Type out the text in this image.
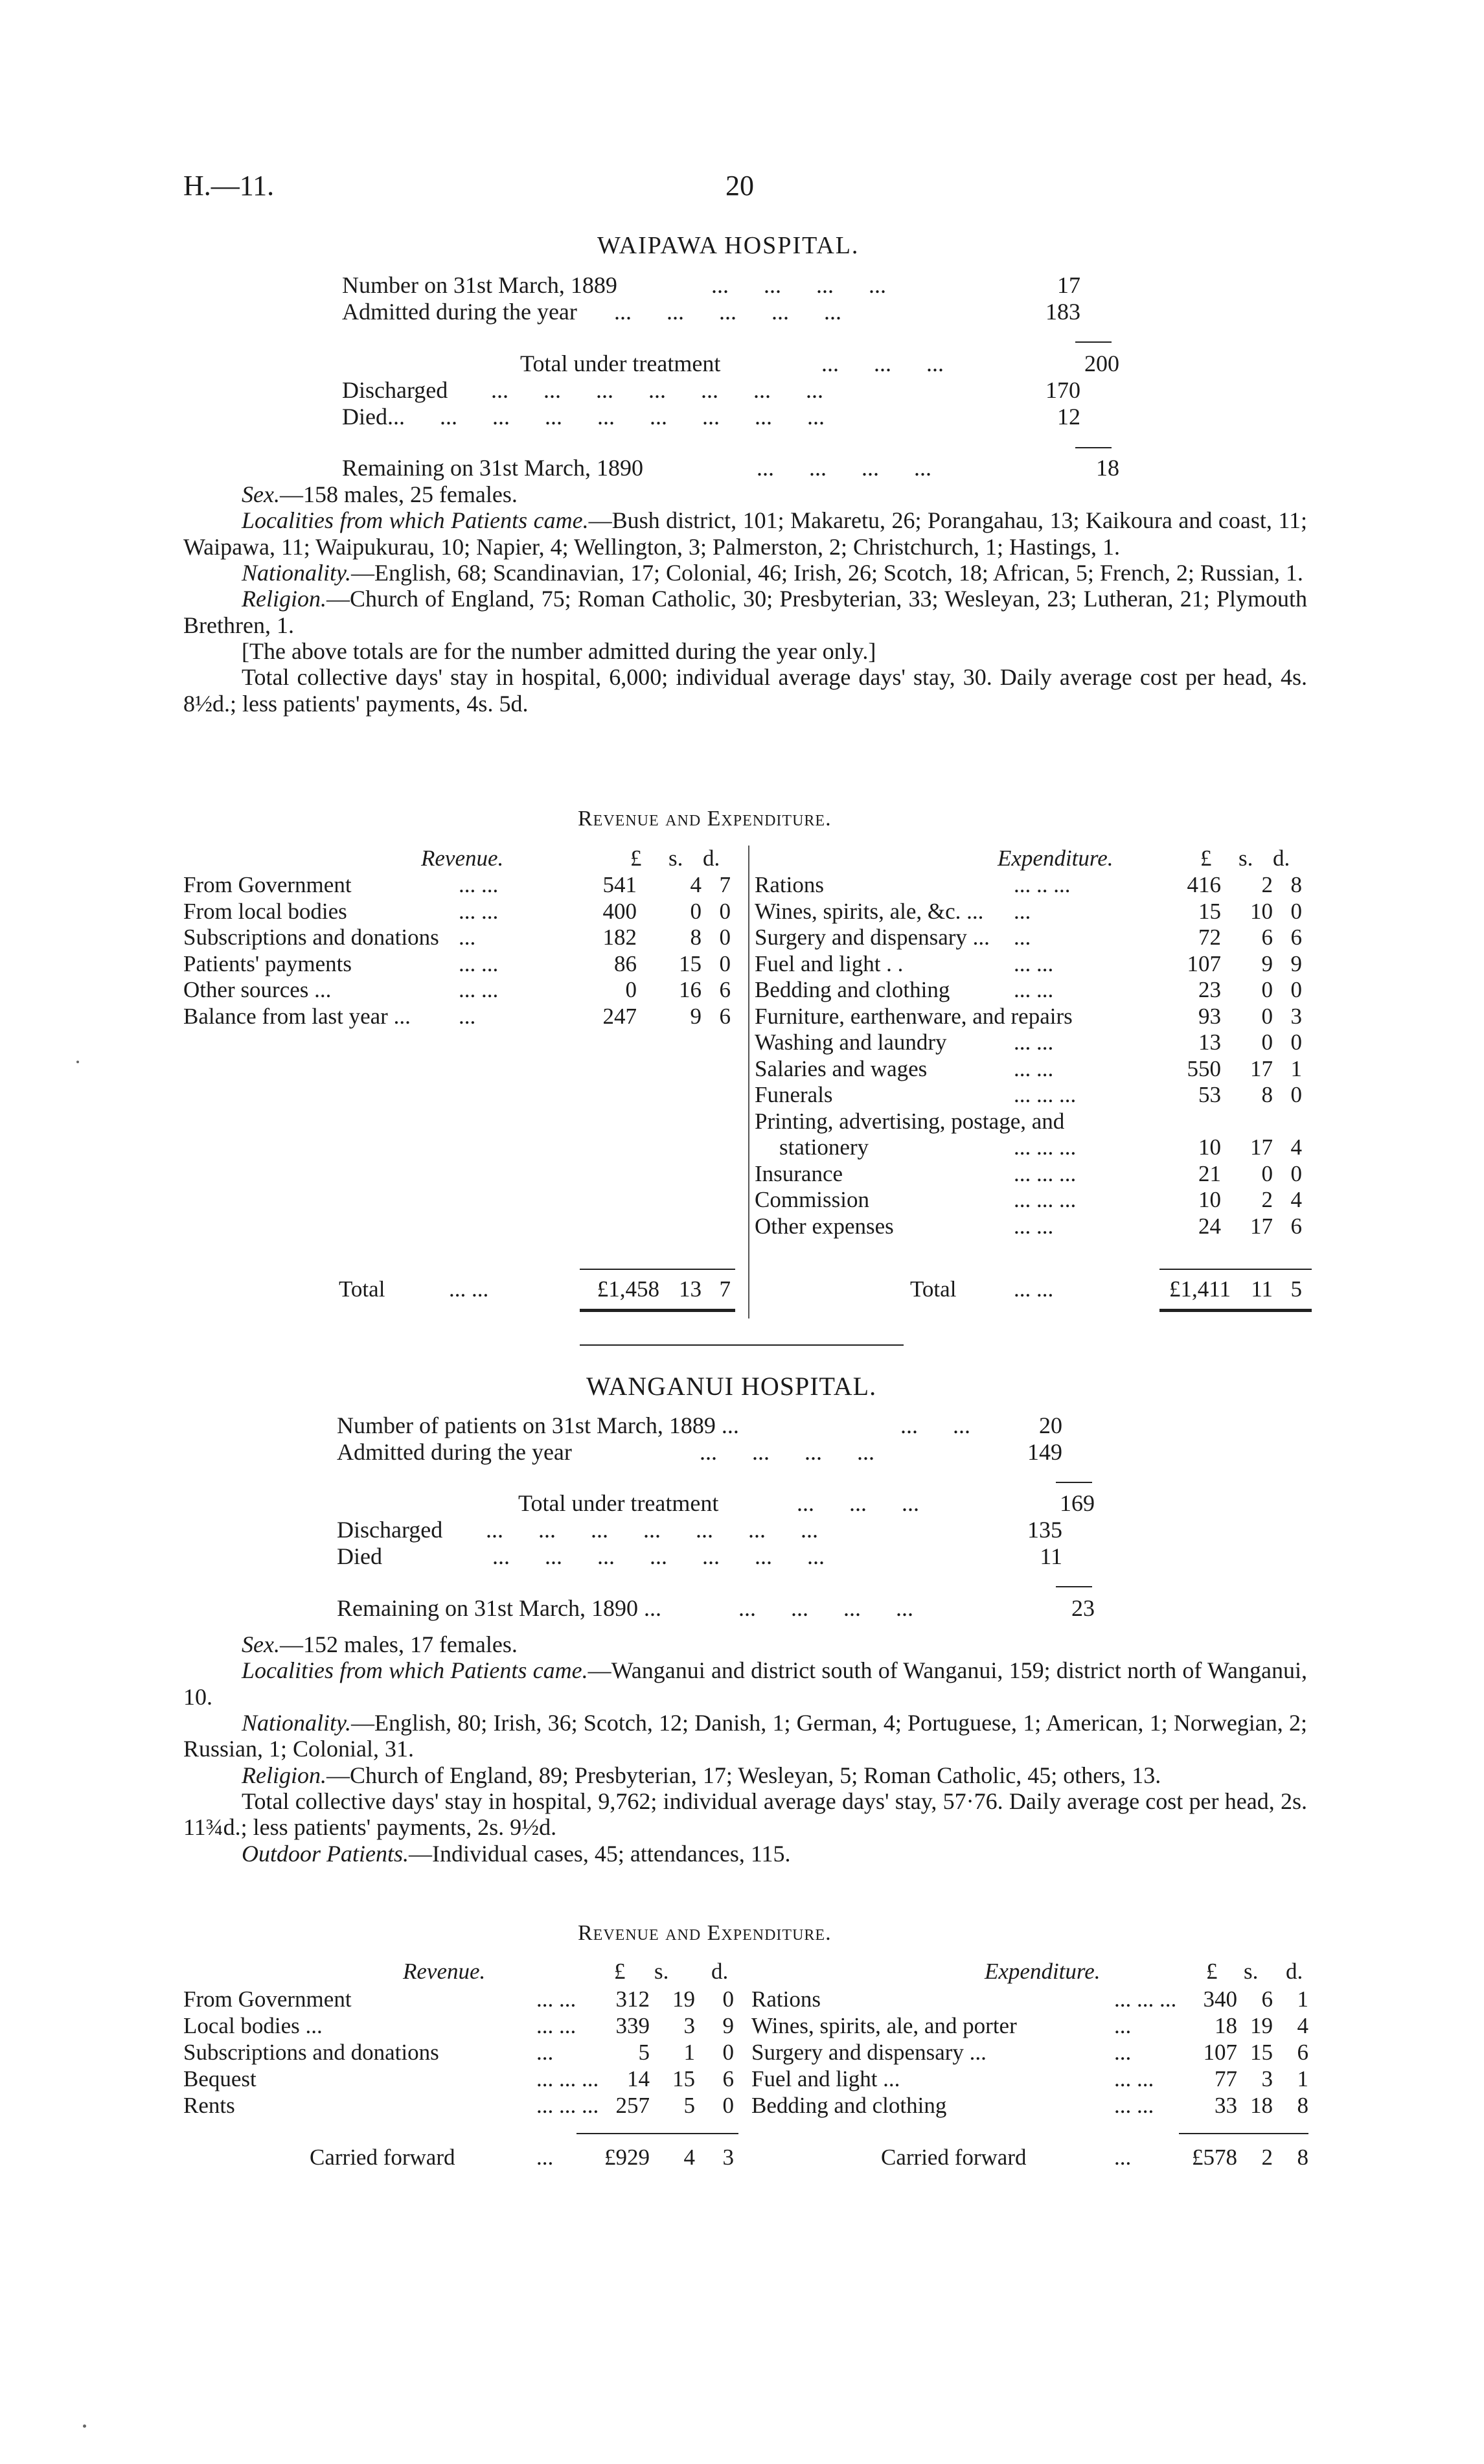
H.—11.	20
WAIPAWA HOSPITAL.
Number on 31st March, 1889	...      ...      ...      ...	17
Admitted during the year ...      ...      ...      ...      ...	183
Total under treatment	...      ...      ...	200
Discharged ...      ...      ...      ...      ...      ...      ...	170
Died ...      ...      ...      ...      ...      ...      ...      ...      ...	12
Remaining on 31st March, 1890	...      ...      ...      ...	18

Sex.—158 males, 25 females.

Localities from which Patients came.—Bush district, 101; Makaretu, 26; Porangahau, 13; Kaikoura and coast, 11; Waipawa, 11; Waipukurau, 10; Napier, 4; Wellington, 3; Palmerston, 2; Christchurch, 1; Hastings, 1.

Nationality.—English, 68; Scandinavian, 17; Colonial, 46; Irish, 26; Scotch, 18; African, 5; French, 2; Russian, 1.

Religion.—Church of England, 75; Roman Catholic, 30; Presbyterian, 33; Wesleyan, 23; Lutheran, 21; Plymouth Brethren, 1.

[The above totals are for the number admitted during the year only.]

Total collective days' stay in hospital, 6,000; individual average days' stay, 30. Daily average cost per head, 4s. 8½d.; less patients' payments, 4s. 5d.

Revenue and Expenditure.
Revenue.	£ s. d.	Expenditure.	£ s. d.
From Government	... ...	541	4 7
From local bodies	... ...	400	0 0
Subscriptions and donations ...	182	8 0
Patients' payments	... ...	86	15 0
Other sources ...	... ...	0	16 6
Balance from last year ... ...	247	9 6
Rations	... .. ...	416	2 8
Wines, spirits, ale, &c. ... ...	15	10 0
Surgery and dispensary ... ...	72	6 6
Fuel and light . .	... ...	107	9 9
Bedding and clothing	... ...	23	0 0
Furniture, earthenware, and repairs	93	0 3
Washing and laundry	... ...	13	0 0
Salaries and wages	... ...	550	17 1
Funerals	... ... ...	53	8 0
Printing, advertising, postage, and
stationery	... ... ...	10	17 4
Insurance	... ... ...	21	0 0
Commission	... ... ...	10	2 4
Other expenses	... ...	24	17 6
Total	... ...	£1,458 13 7	Total	... ...	£1,411 11 5
WANGANUI HOSPITAL.
Number of patients on 31st March, 1889 ...	...      ...	20
Admitted during the year	...      ...      ...      ...	149
Total under treatment	...      ...      ...	169
Discharged ...      ...      ...      ...      ...      ...      ...	135
Died	...      ...      ...      ...      ...      ...      ...	11
Remaining on 31st March, 1890 ...	...      ...      ...      ...	23

Sex.—152 males, 17 females.

Localities from which Patients came.—Wanganui and district south of Wanganui, 159; district north of Wanganui, 10.

Nationality.—English, 80; Irish, 36; Scotch, 12; Danish, 1; German, 4; Portuguese, 1; American, 1; Norwegian, 2; Russian, 1; Colonial, 31.

Religion.—Church of England, 89; Presbyterian, 17; Wesleyan, 5; Roman Catholic, 45; others, 13.

Total collective days' stay in hospital, 9,762; individual average days' stay, 57·76. Daily average cost per head, 2s. 11¾d.; less patients' payments, 2s. 9½d.

Outdoor Patients.—Individual cases, 45; attendances, 115.

Revenue and Expenditure.
Revenue.	£ s. d.	Expenditure.	£ s. d.
From Government	... ...	312	19	0
Local bodies ...	... ...	339	3	9
Subscriptions and donations	...	5	1	0
Bequest	... ... ...	14	15	6
Rents	... ... ... 257	5	0
Rations	... ... ...	340	6	1
Wines, spirits, ale, and porter	...	18 19	4
Surgery and dispensary ...	...	107 15	6
Fuel and light ...	... ...	77	3	1
Bedding and clothing	... ...	33 18	8
Carried forward	...	£929	4	3	Carried forward	...	£578	2	8
